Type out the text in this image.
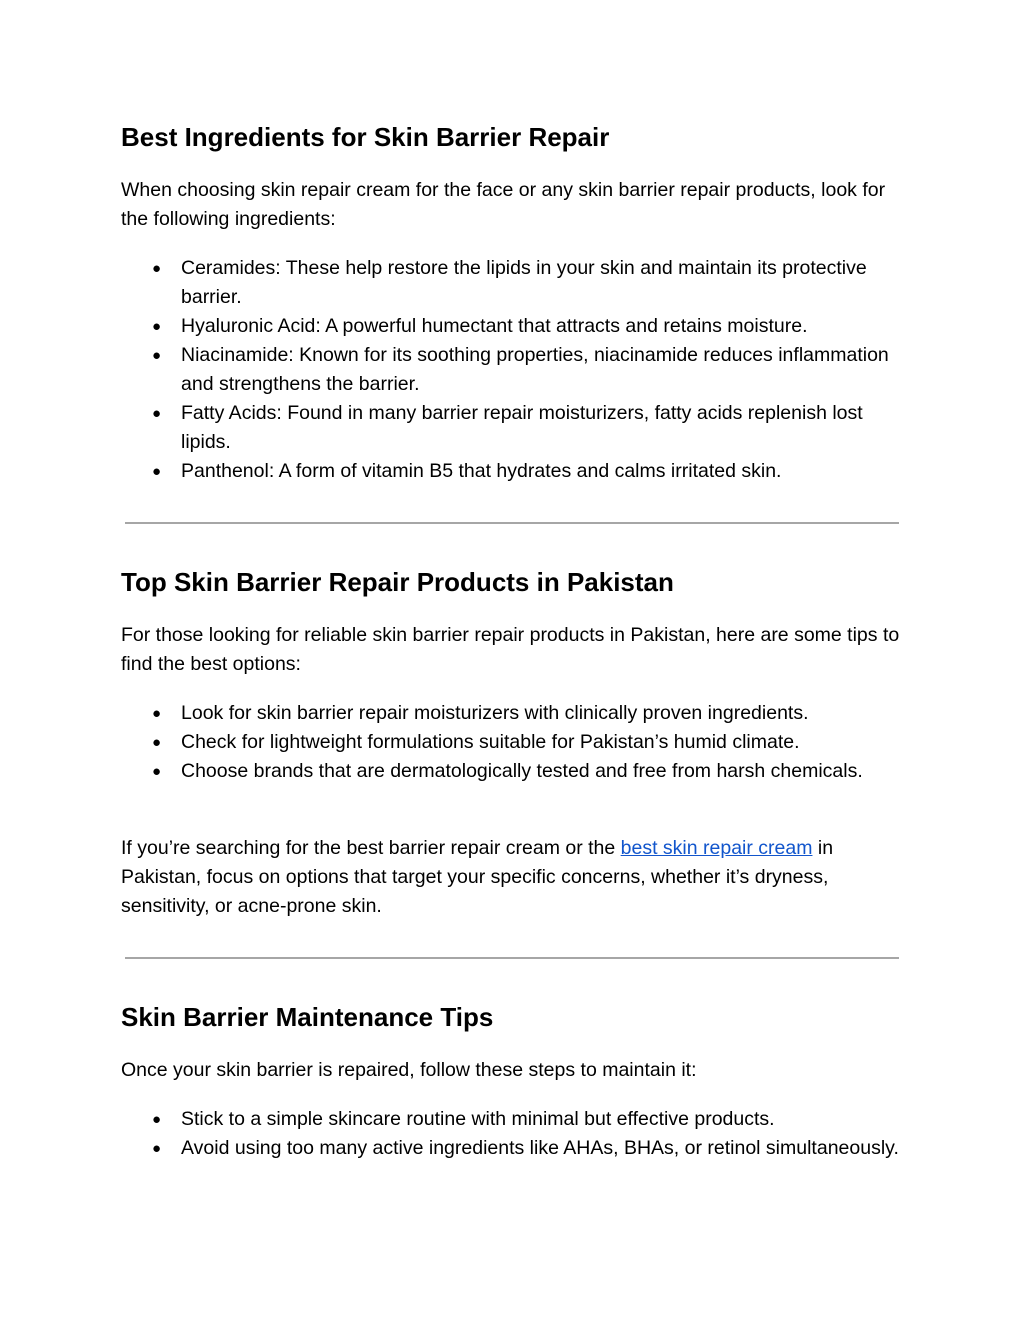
Best Ingredients for Skin Barrier Repair

When choosing skin repair cream for the face or any skin barrier repair products, look for the following ingredients:

● Ceramides: These help restore the lipids in your skin and maintain its protective barrier.
● Hyaluronic Acid: A powerful humectant that attracts and retains moisture.
● Niacinamide: Known for its soothing properties, niacinamide reduces inflammation and strengthens the barrier.
● Fatty Acids: Found in many barrier repair moisturizers, fatty acids replenish lost lipids.
● Panthenol: A form of vitamin B5 that hydrates and calms irritated skin.
Top Skin Barrier Repair Products in Pakistan

For those looking for reliable skin barrier repair products in Pakistan, here are some tips to find the best options:

● Look for skin barrier repair moisturizers with clinically proven ingredients.
● Check for lightweight formulations suitable for Pakistan’s humid climate.
● Choose brands that are dermatologically tested and free from harsh chemicals.

If you’re searching for the best barrier repair cream or the best skin repair cream in Pakistan, focus on options that target your specific concerns, whether it’s dryness, sensitivity, or acne-prone skin.

Skin Barrier Maintenance Tips

Once your skin barrier is repaired, follow these steps to maintain it:

● Stick to a simple skincare routine with minimal but effective products.
● Avoid using too many active ingredients like AHAs, BHAs, or retinol simultaneously.
